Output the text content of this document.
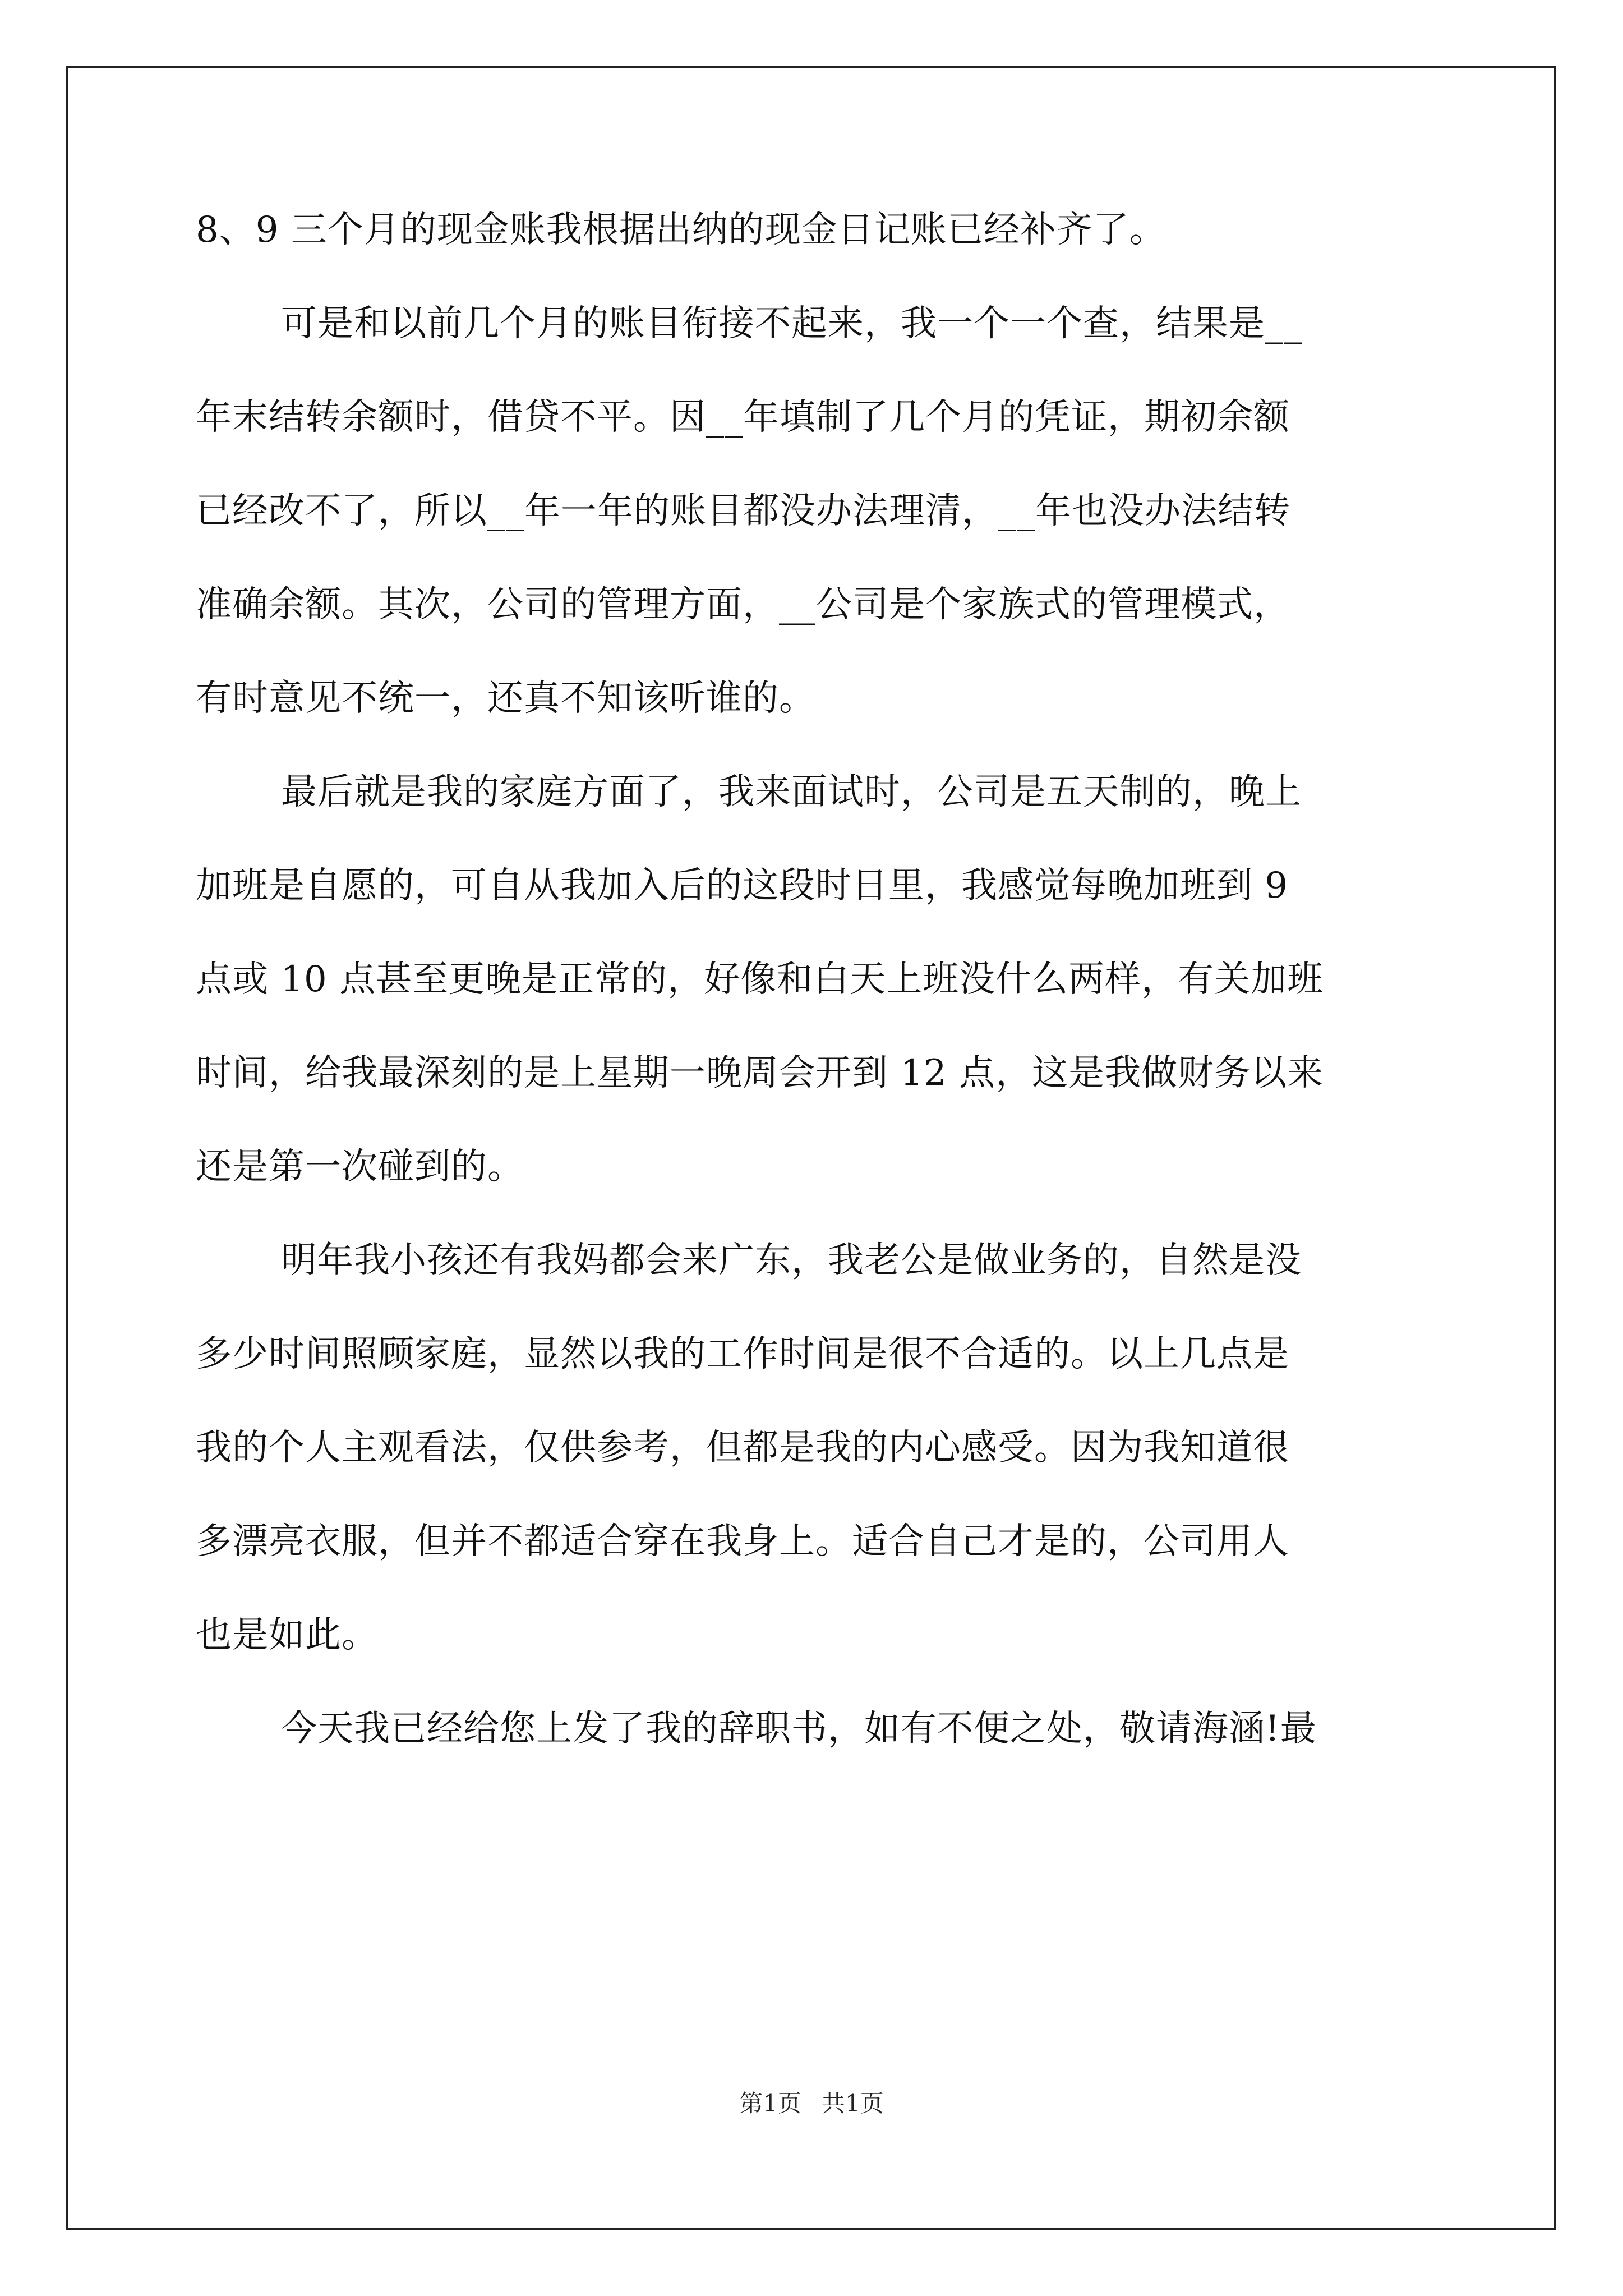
8、9 三个月的现金账我根据出纳的现金日记账已经补齐了。

可是和以前几个月的账目衔接不起来，我一个一个查，结果是__

年末结转余额时，借贷不平。因__年填制了几个月的凭证，期初余额

已经改不了，所以__年一年的账目都没办法理清，__年也没办法结转

准确余额。其次，公司的管理方面，__公司是个家族式的管理模式，

有时意见不统一，还真不知该听谁的。

最后就是我的家庭方面了，我来面试时，公司是五天制的，晚上

加班是自愿的，可自从我加入后的这段时日里，我感觉每晚加班到 9

点或 10 点甚至更晚是正常的，好像和白天上班没什么两样，有关加班

时间，给我最深刻的是上星期一晚周会开到 12 点，这是我做财务以来

还是第一次碰到的。

明年我小孩还有我妈都会来广东，我老公是做业务的，自然是没

多少时间照顾家庭，显然以我的工作时间是很不合适的。以上几点是

我的个人主观看法，仅供参考，但都是我的内心感受。因为我知道很

多漂亮衣服，但并不都适合穿在我身上。适合自己才是的，公司用人

也是如此。

今天我已经给您上发了我的辞职书，如有不便之处，敬请海涵!最

第1页 共1页
